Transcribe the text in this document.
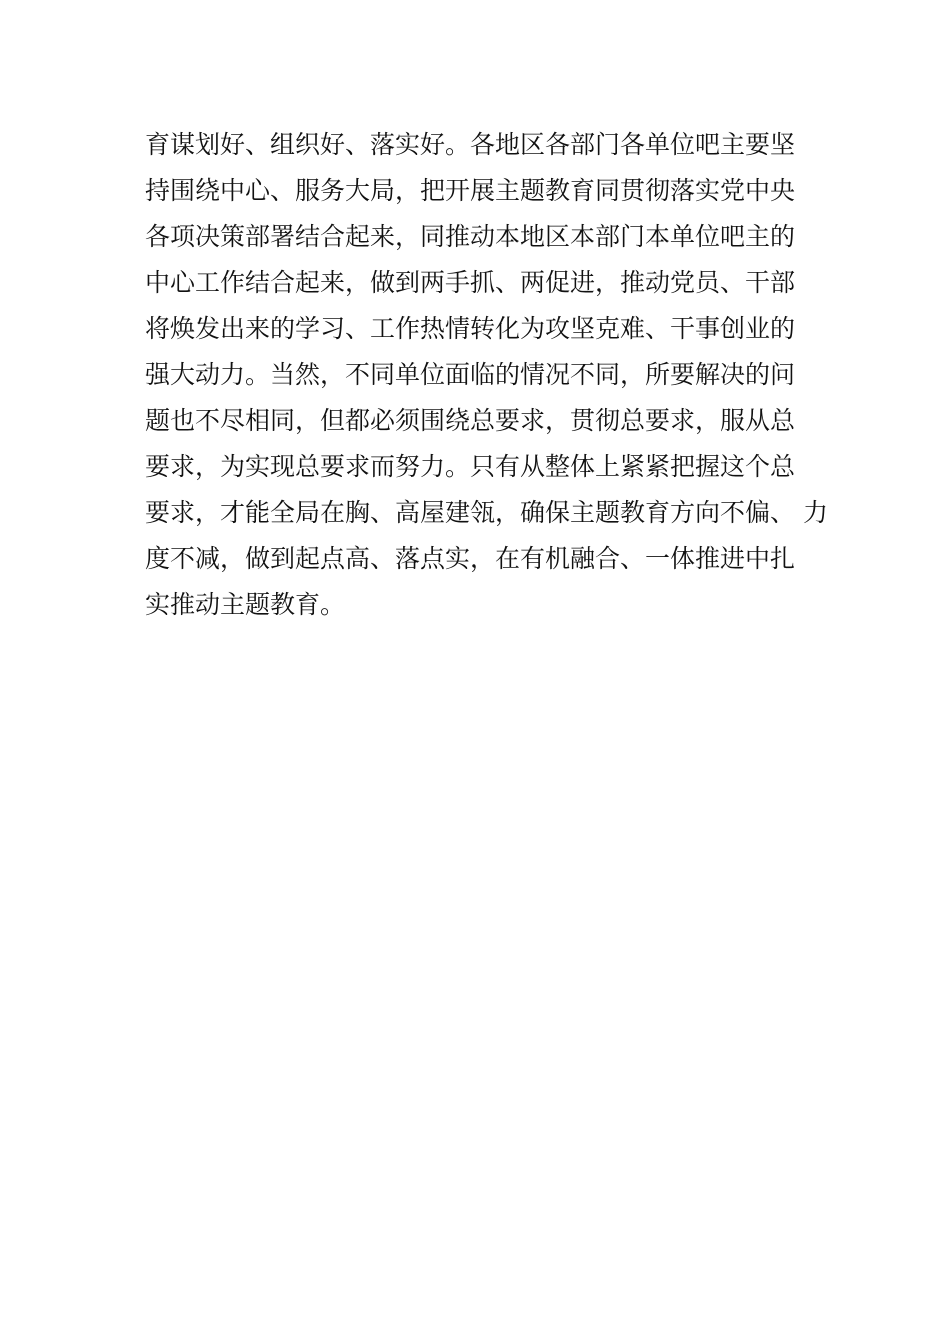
育谋划好、组织好、落实好。各地区各部门各单位吧主要坚
持围绕中心、服务大局，把开展主题教育同贯彻落实党中央
各项决策部署结合起来，同推动本地区本部门本单位吧主的
中心工作结合起来，做到两手抓、两促进，推动党员、干部
将焕发出来的学习、工作热情转化为攻坚克难、干事创业的
强大动力。当然，不同单位面临的情况不同，所要解决的问
题也不尽相同，但都必须围绕总要求，贯彻总要求，服从总
要求，为实现总要求而努力。只有从整体上紧紧把握这个总
要求，才能全局在胸、高屋建瓴，确保主题教育方向不偏、 力
度不减，做到起点高、落点实，在有机融合、一体推进中扎
实推动主题教育。
